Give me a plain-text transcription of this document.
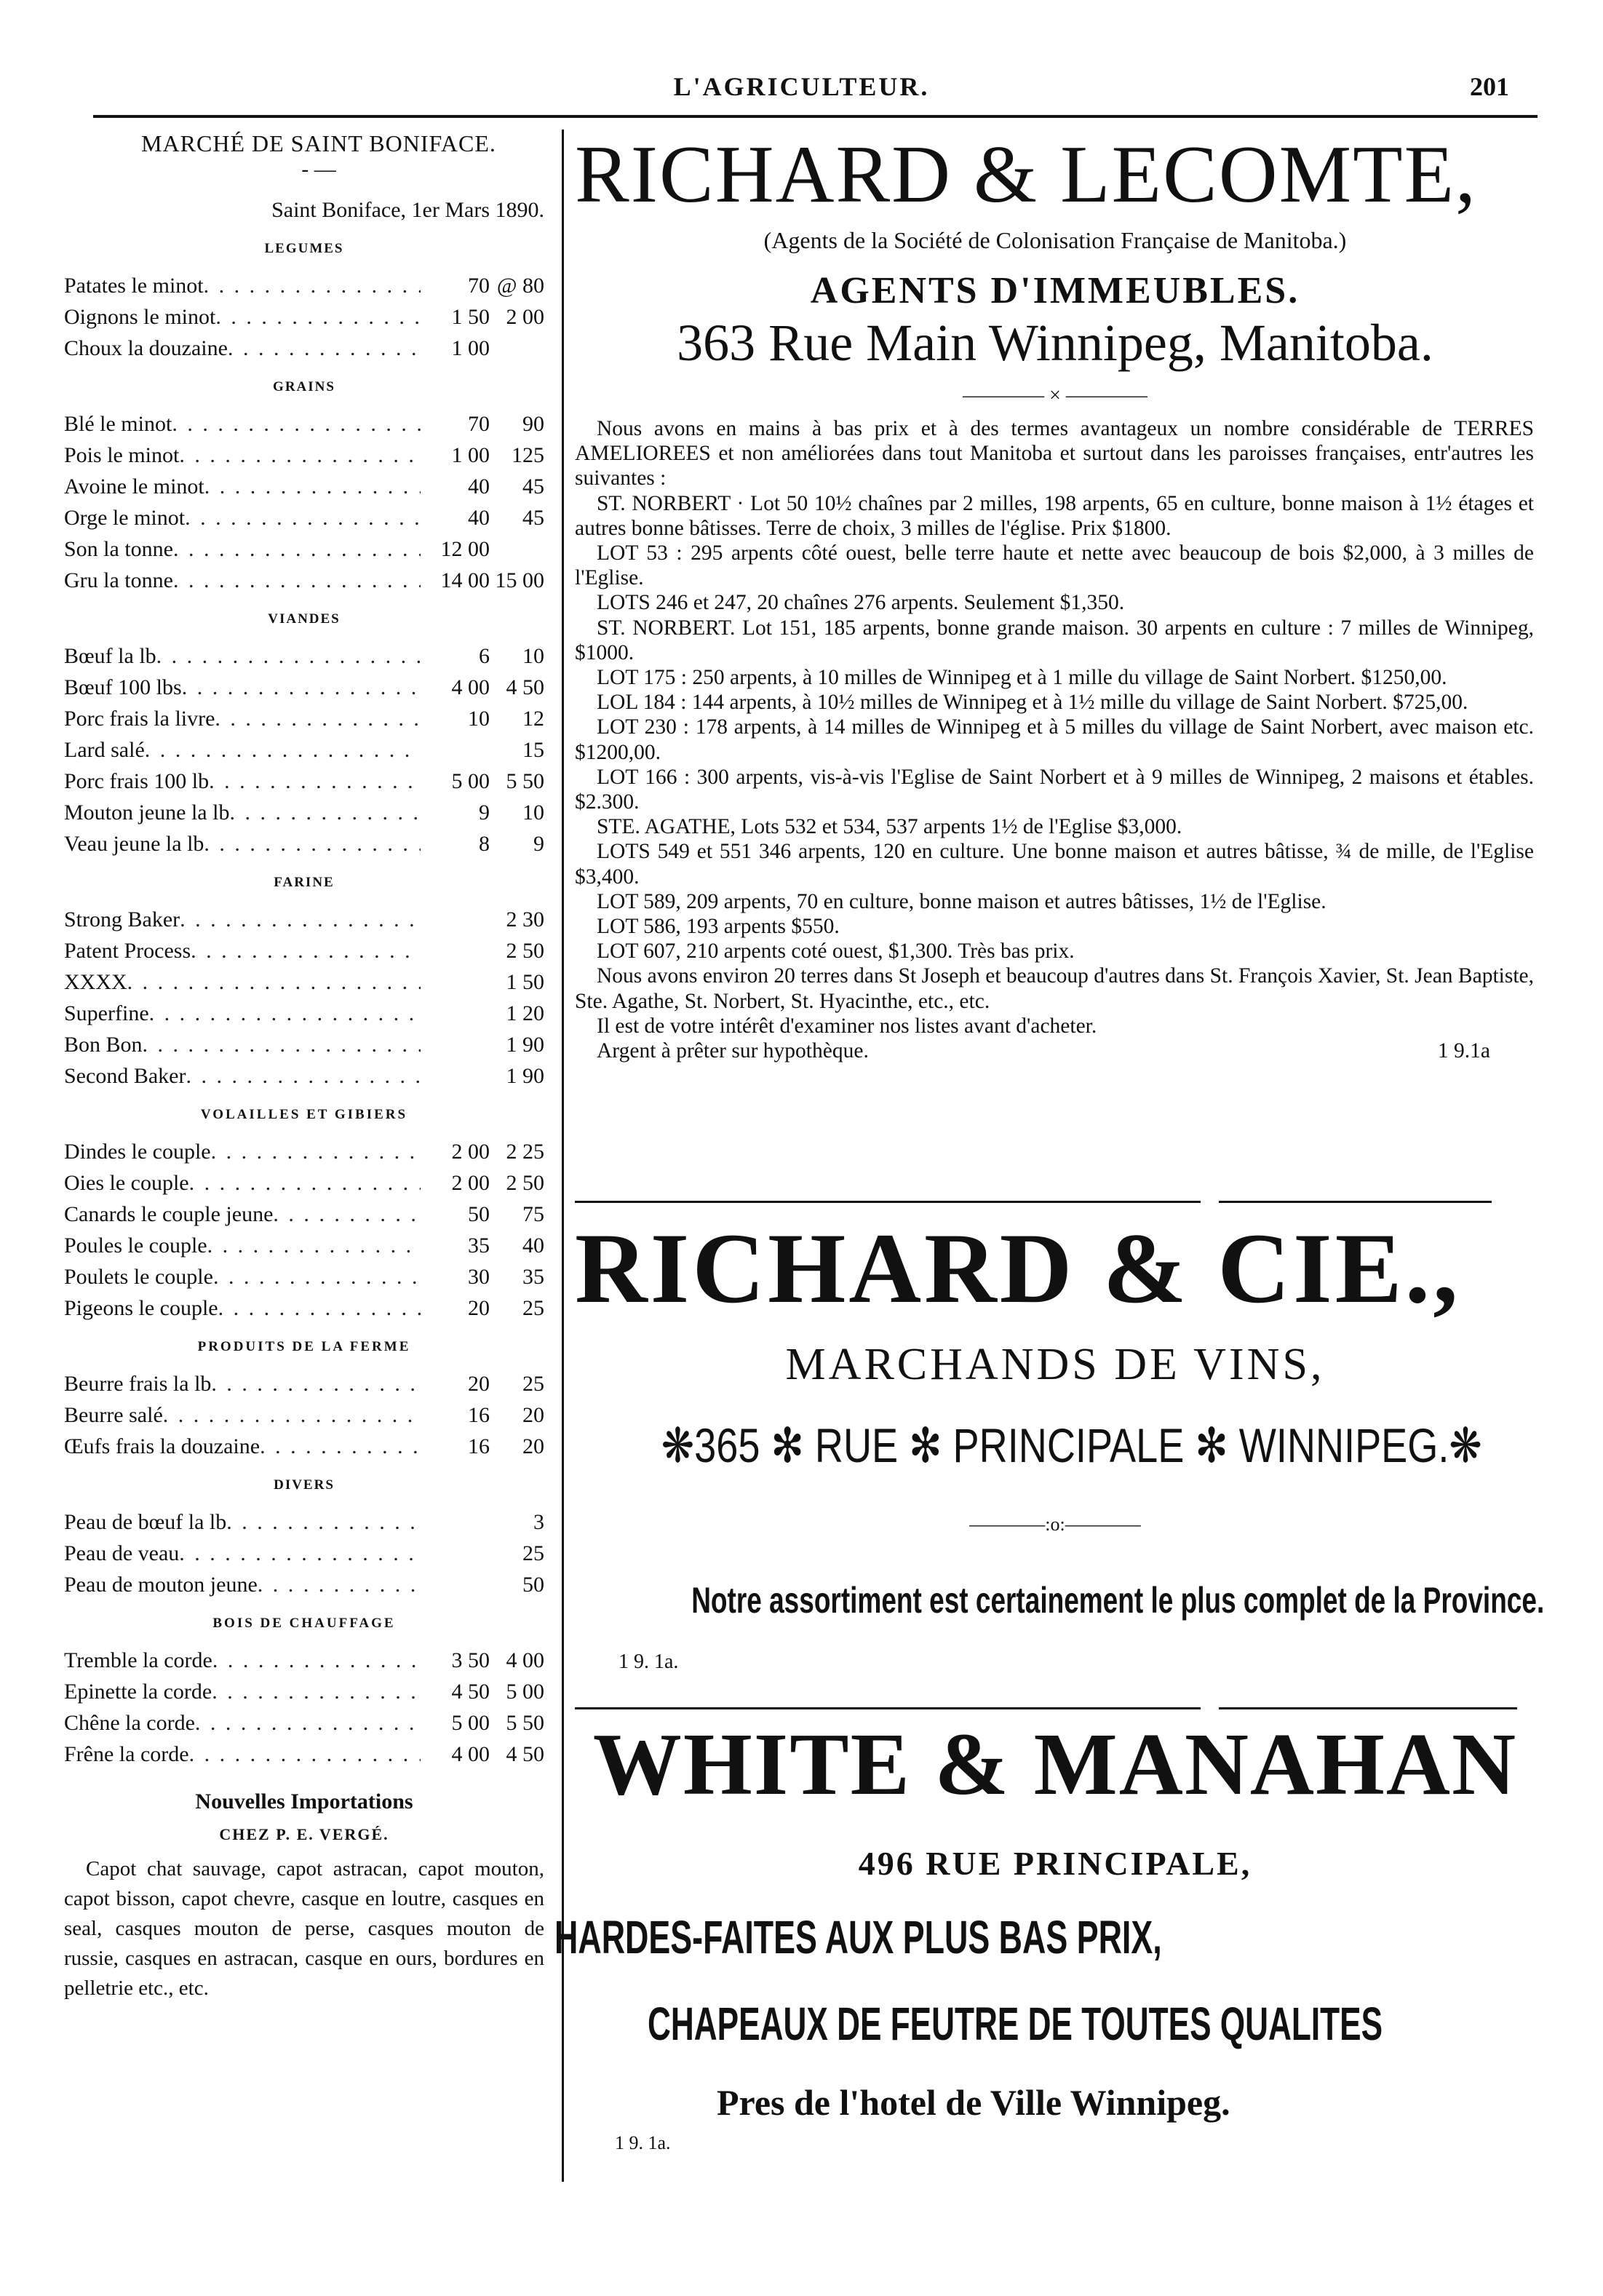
L'AGRICULTEUR.	201
MARCHÉ DE SAINT BONIFACE.
- —
Saint Boniface, 1er Mars 1890.
LEGUMES
Patates le minot . . .	70 @ 80
Oignons le minot . . .	1 50 2 00
Choux la douzaine . . .	1 00
GRAINS
Blé le minot . . .	70	90
Pois le minot . . .	1 00	125
Avoine le minot . . .	40	45
Orge le minot . . .	40	45
Son la tonne . . .	12 00
Gru la tonne . . .	14 00 15 00
VIANDES
Bœuf la lb . . .	6	10
Bœuf 100 lbs . . .	4 00 4 50
Porc frais la livre . . .	10	12
Lard salé . . .	15
Porc frais 100 lb . . .	5 00 5 50
Mouton jeune la lb . . .	9	10
Veau jeune la lb . . .	8	9
FARINE
Strong Baker . . .	2 30
Patent Process . . .	2 50
XXXX . . .	1 50
Superfine . . .	1 20
Bon Bon . . .	1 90
Second Baker . . .	1 90
VOLAILLES ET GIBIERS
Dindes le couple . . .	2 00 2 25
Oies le couple . . .	2 00 2 50
Canards le couple jeune . . .	50	75
Poules le couple . . .	35	40
Poulets le couple . . .	30	35
Pigeons le couple . . .	20	25
PRODUITS DE LA FERME
Beurre frais la lb . . .	20	25
Beurre salé . . .	16	20
Œufs frais la douzaine . . .	16	20
DIVERS
Peau de bœuf la lb . . .	3
Peau de veau . . .	25
Peau de mouton jeune . . .	50
BOIS DE CHAUFFAGE
Tremble la corde . . .	3 50 4 00
Epinette la corde . . .	4 50 5 00
Chêne la corde . . .	5 00 5 50
Frêne la corde . . .	4 00 4 50
Nouvelles Importations
CHEZ P. E. VERGÉ.
Capot chat sauvage, capot astracan, capot mouton, capot bisson, capot chevre, casque en loutre, casques en seal, casques mouton de perse, casques mouton de russie, casques en astracan, casque en ours, bordures en pelletrie etc., etc.
RICHARD & LECOMTE,
(Agents de la Société de Colonisation Française de Manitoba.)
AGENTS D'IMMEUBLES.
363 Rue Main Winnipeg, Manitoba.
———— × ————

Nous avons en mains à bas prix et à des termes avantageux un nombre considérable de TERRES AMELIOREES et non améliorées dans tout Manitoba et surtout dans les paroisses françaises, entr'autres les suivantes :

ST. NORBERT · Lot 50 10½ chaînes par 2 milles, 198 arpents, 65 en culture, bonne maison à 1½ étages et autres bonne bâtisses. Terre de choix, 3 milles de l'église. Prix $1800.

LOT 53 : 295 arpents côté ouest, belle terre haute et nette avec beaucoup de bois $2,000, à 3 milles de l'Eglise.

LOTS 246 et 247, 20 chaînes 276 arpents. Seulement $1,350.

ST. NORBERT. Lot 151, 185 arpents, bonne grande maison. 30 arpents en culture : 7 milles de Winnipeg, $1000.

LOT 175 : 250 arpents, à 10 milles de Winnipeg et à 1 mille du village de Saint Norbert. $1250,00.

LOL 184 : 144 arpents, à 10½ milles de Winnipeg et à 1½ mille du village de Saint Norbert. $725,00.

LOT 230 : 178 arpents, à 14 milles de Winnipeg et à 5 milles du village de Saint Norbert, avec maison etc. $1200,00.

LOT 166 : 300 arpents, vis-à-vis l'Eglise de Saint Norbert et à 9 milles de Winnipeg, 2 maisons et étables. $2.300.

STE. AGATHE, Lots 532 et 534, 537 arpents 1½ de l'Eglise $3,000.

LOTS 549 et 551 346 arpents, 120 en culture. Une bonne maison et autres bâtisse, ¾ de mille, de l'Eglise $3,400.

LOT 589, 209 arpents, 70 en culture, bonne maison et autres bâtisses, 1½ de l'Eglise.

LOT 586, 193 arpents $550.

LOT 607, 210 arpents coté ouest, $1,300. Très bas prix.

Nous avons environ 20 terres dans St Joseph et beaucoup d'autres dans St. François Xavier, St. Jean Baptiste, Ste. Agathe, St. Norbert, St. Hyacinthe, etc., etc.

Il est de votre intérêt d'examiner nos listes avant d'acheter.

Argent à prêter sur hypothèque.	1 9.1a
RICHARD & CIE.,
MARCHANDS DE VINS,
❋365 ✻ RUE ✻ PRINCIPALE ✻ WINNIPEG.❋
————:o:————
Notre assortiment est certainement le plus complet de la Province.
1 9. 1a.
WHITE & MANAHAN
496 RUE PRINCIPALE,
HARDES-FAITES AUX PLUS BAS PRIX,
CHAPEAUX DE FEUTRE DE TOUTES QUALITES
Pres de l'hotel de Ville Winnipeg.
1 9. 1a.
